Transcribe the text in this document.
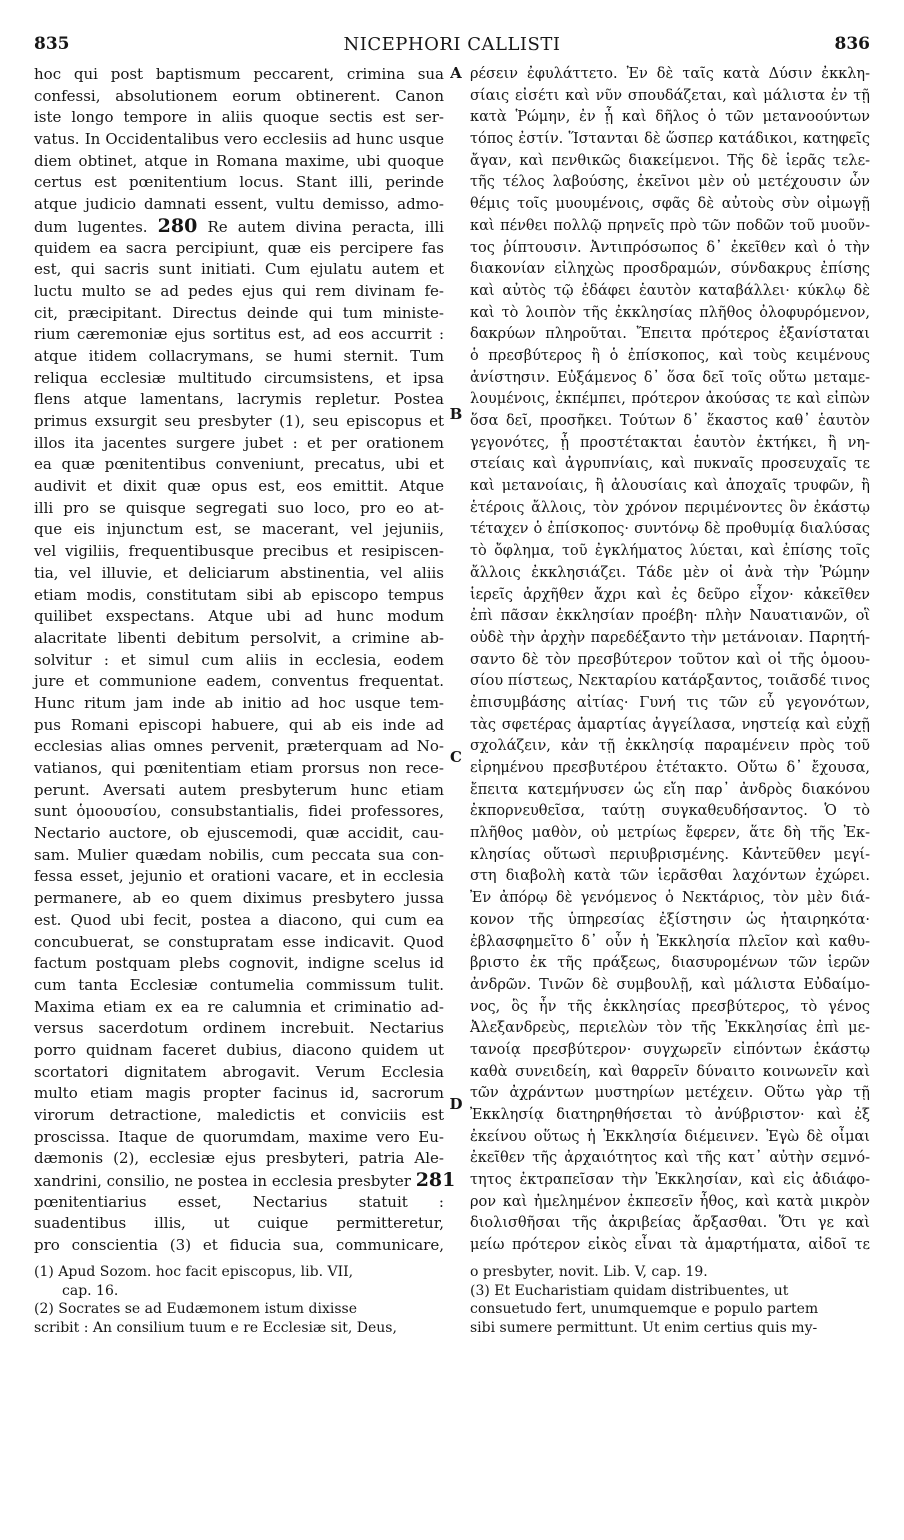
835	NICEPHORI CALLISTI	836
hoc qui post baptismum peccarent, crimina sua
confessi, absolutionem eorum obtinerent. Canon
iste longo tempore in aliis quoque sectis est ser-
vatus. In Occidentalibus vero ecclesiis ad hunc usque
diem obtinet, atque in Romana maxime, ubi quoque
certus est pœnitentium locus. Stant illi, perinde
atque judicio damnati essent, vultu demisso, admo-
dum lugentes. 280 Re autem divina peracta, illi
quidem ea sacra percipiunt, quæ eis percipere fas
est, qui sacris sunt initiati. Cum ejulatu autem et
luctu multo se ad pedes ejus qui rem divinam fe-
cit, præcipitant. Directus deinde qui tum ministe-
rium cæremoniæ ejus sortitus est, ad eos accurrit :
atque itidem collacrymans, se humi sternit. Tum
reliqua ecclesiæ multitudo circumsistens, et ipsa
flens atque lamentans, lacrymis repletur. Postea
primus exsurgit seu presbyter (1), seu episcopus et
illos ita jacentes surgere jubet : et per orationem
ea quæ pœnitentibus conveniunt, precatus, ubi et
audivit et dixit quæ opus est, eos emittit. Atque
illi pro se quisque segregati suo loco, pro eo at-
que eis injunctum est, se macerant, vel jejuniis,
vel vigiliis, frequentibusque precibus et resipiscen-
tia, vel illuvie, et deliciarum abstinentia, vel aliis
etiam modis, constitutam sibi ab episcopo tempus
quilibet exspectans. Atque ubi ad hunc modum
alacritate libenti debitum persolvit, a crimine ab-
solvitur : et simul cum aliis in ecclesia, eodem
jure et communione eadem, conventus frequentat.
Hunc ritum jam inde ab initio ad hoc usque tem-
pus Romani episcopi habuere, qui ab eis inde ad
ecclesias alias omnes pervenit, præterquam ad No-
vatianos, qui pœnitentiam etiam prorsus non rece-
perunt. Aversati autem presbyterum hunc etiam
sunt ὁμοουσίου, consubstantialis, fidei professores,
Nectario auctore, ob ejuscemodi, quæ accidit, cau-
sam. Mulier quædam nobilis, cum peccata sua con-
fessa esset, jejunio et orationi vacare, et in ecclesia
permanere, ab eo quem diximus presbytero jussa
est. Quod ubi fecit, postea a diacono, qui cum ea
concubuerat, se constupratam esse indicavit. Quod
factum postquam plebs cognovit, indigne scelus id
cum tanta Ecclesiæ contumelia commissum tulit.
Maxima etiam ex ea re calumnia et criminatio ad-
versus sacerdotum ordinem increbuit. Nectarius
porro quidnam faceret dubius, diacono quidem ut
scortatori dignitatem abrogavit. Verum Ecclesia
multo etiam magis propter facinus id, sacrorum
virorum detractione, maledictis et conviciis est
proscissa. Itaque de quorumdam, maxime vero Eu-
dæmonis (2), ecclesiæ ejus presbyteri, patria Ale-
xandrini, consilio, ne postea in ecclesia presbyter 281
pœnitentiarius esset, Nectarius statuit :
suadentibus illis, ut cuique permitteretur,
pro conscientia (3) et fiducia sua, communicare,
ρέσειν ἐφυλάττετο. Ἐν δὲ ταῖς κατὰ Δύσιν ἐκκλη-
σίαις εἰσέτι καὶ νῦν σπουδάζεται, καὶ μάλιστα ἐν τῇ
κατὰ Ῥώμην, ἐν ᾗ καὶ δῆλος ὁ τῶν μετανοούντων
τόπος ἐστίν. Ἵστανται δὲ ὥσπερ κατάδικοι, κατηφεῖς
ἄγαν, καὶ πενθικῶς διακείμενοι. Τῆς δὲ ἱερᾶς τελε-
τῆς τέλος λαβούσης, ἐκεῖνοι μὲν οὐ μετέχουσιν ὧν
θέμις τοῖς μυουμένοις, σφᾶς δὲ αὐτοὺς σὺν οἰμωγῇ
καὶ πένθει πολλῷ πρηνεῖς πρὸ τῶν ποδῶν τοῦ μυοῦν-
τος ῥίπτουσιν. Ἀντιπρόσωπος δ᾽ ἐκεῖθεν καὶ ὁ τὴν
διακονίαν εἰληχὼς προσδραμών, σύνδακρυς ἐπίσης
καὶ αὐτὸς τῷ ἐδάφει ἑαυτὸν καταβάλλει· κύκλῳ δὲ
καὶ τὸ λοιπὸν τῆς ἐκκλησίας πλῆθος ὀλοφυρόμενον,
δακρύων πληροῦται. Ἔπειτα πρότερος ἐξανίσταται
ὁ πρεσβύτερος ἢ ὁ ἐπίσκοπος, καὶ τοὺς κειμένους
ἀνίστησιν. Εὐξάμενος δ᾽ ὅσα δεῖ τοῖς οὕτω μεταμε-
λουμένοις, ἐκπέμπει, πρότερον ἀκούσας τε καὶ εἰπὼν
ὅσα δεῖ, προσῆκει. Τούτων δ᾽ ἕκαστος καθ᾽ ἑαυτὸν
γεγονότες, ᾗ προστέτακται ἑαυτὸν ἐκτήκει, ἢ νη-
στείαις καὶ ἀγρυπνίαις, καὶ πυκναῖς προσευχαῖς τε
καὶ μετανοίαις, ἢ ἀλουσίαις καὶ ἀποχαῖς τρυφῶν, ἢ
ἑτέροις ἄλλοις, τὸν χρόνον περιμένοντες ὃν ἑκάστῳ
τέταχεν ὁ ἐπίσκοπος· συντόνῳ δὲ προθυμίᾳ διαλύσας
τὸ ὄφλημα, τοῦ ἐγκλήματος λύεται, καὶ ἐπίσης τοῖς
ἄλλοις ἐκκλησιάζει. Τάδε μὲν οἱ ἀνὰ τὴν Ῥώμην
ἱερεῖς ἀρχῆθεν ἄχρι καὶ ἐς δεῦρο εἶχον· κἀκεῖθεν
ἐπὶ πᾶσαν ἐκκλησίαν προέβη· πλὴν Ναυατιανῶν, οἳ
οὐδὲ τὴν ἀρχὴν παρεδέξαντο τὴν μετάνοιαν. Παρητή-
σαντο δὲ τὸν πρεσβύτερον τοῦτον καὶ οἱ τῆς ὁμοου-
σίου πίστεως, Νεκταρίου κατάρξαντος, τοιᾶσδέ τινος
ἐπισυμβάσης αἰτίας· Γυνή τις τῶν εὖ γεγονότων,
τὰς σφετέρας ἁμαρτίας ἀγγείλασα, νηστείᾳ καὶ εὐχῇ
σχολάζειν, κἀν τῇ ἐκκλησίᾳ παραμένειν πρὸς τοῦ
εἰρημένου πρεσβυτέρου ἐτέτακτο. Οὕτω δ᾽ ἔχουσα,
ἔπειτα κατεμήνυσεν ὡς εἴη παρ᾽ ἀνδρὸς διακόνου
ἐκπορνευθεῖσα, ταύτῃ συγκαθευδήσαντος. Ὁ τὸ
πλῆθος μαθὸν, οὐ μετρίως ἔφερεν, ἅτε δὴ τῆς Ἐκ-
κλησίας οὕτωσὶ περιυβρισμένης. Κἀντεῦθεν μεγί-
στη διαβολὴ κατὰ τῶν ἱερᾶσθαι λαχόντων ἐχώρει.
Ἐν ἀπόρῳ δὲ γενόμενος ὁ Νεκτάριος, τὸν μὲν διά-
κονον τῆς ὑπηρεσίας ἐξίστησιν ὡς ἠταιρηκότα·
ἐβλασφημεῖτο δ᾽ οὖν ἡ Ἐκκλησία πλεῖον καὶ καθυ-
βριστο ἐκ τῆς πράξεως, διασυρομένων τῶν ἱερῶν
ἀνδρῶν. Τινῶν δὲ συμβουλῇ, καὶ μάλιστα Εὐδαίμο-
νος, ὃς ἦν τῆς ἐκκλησίας πρεσβύτερος, τὸ γένος
Ἀλεξανδρεὺς, περιελὼν τὸν τῆς Ἐκκλησίας ἐπὶ με-
τανοίᾳ πρεσβύτερον· συγχωρεῖν εἰπόντων ἑκάστῳ
καθὰ συνειδείη, καὶ θαρρεῖν δύναιτο κοινωνεῖν καὶ
τῶν ἀχράντων μυστηρίων μετέχειν. Οὕτω γὰρ τῇ
Ἐκκλησίᾳ διατηρηθήσεται τὸ ἀνύβριστον· καὶ ἐξ
ἐκείνου οὕτως ἡ Ἐκκλησία διέμεινεν. Ἐγὼ δὲ οἶμαι
ἐκεῖθεν τῆς ἀρχαιότητος καὶ τῆς κατ᾽ αὐτὴν σεμνό-
τητος ἐκτραπεῖσαν τὴν Ἐκκλησίαν, καὶ εἰς ἀδιάφο-
ρον καὶ ἠμελημένον ἐκπεσεῖν ἦθος, καὶ κατὰ μικρὸν
διολισθῆσαι τῆς ἀκριβείας ἄρξασθαι. Ὅτι γε καὶ
μείω πρότερον εἰκὸς εἶναι τὰ ἁμαρτήματα, αἰδοῖ τε
A
B
C
D
(1) Apud Sozom. hoc facit episcopus, lib. VII,
cap. 16.
(2) Socrates se ad Eudæmonem istum dixisse
scribit : An consilium tuum e re Ecclesiæ sit, Deus,
o presbyter, novit. Lib. V, cap. 19.
(3) Et Eucharistiam quidam distribuentes, ut
consuetudo fert, unumquemque e populo partem
sibi sumere permittunt. Ut enim certius quis my-
